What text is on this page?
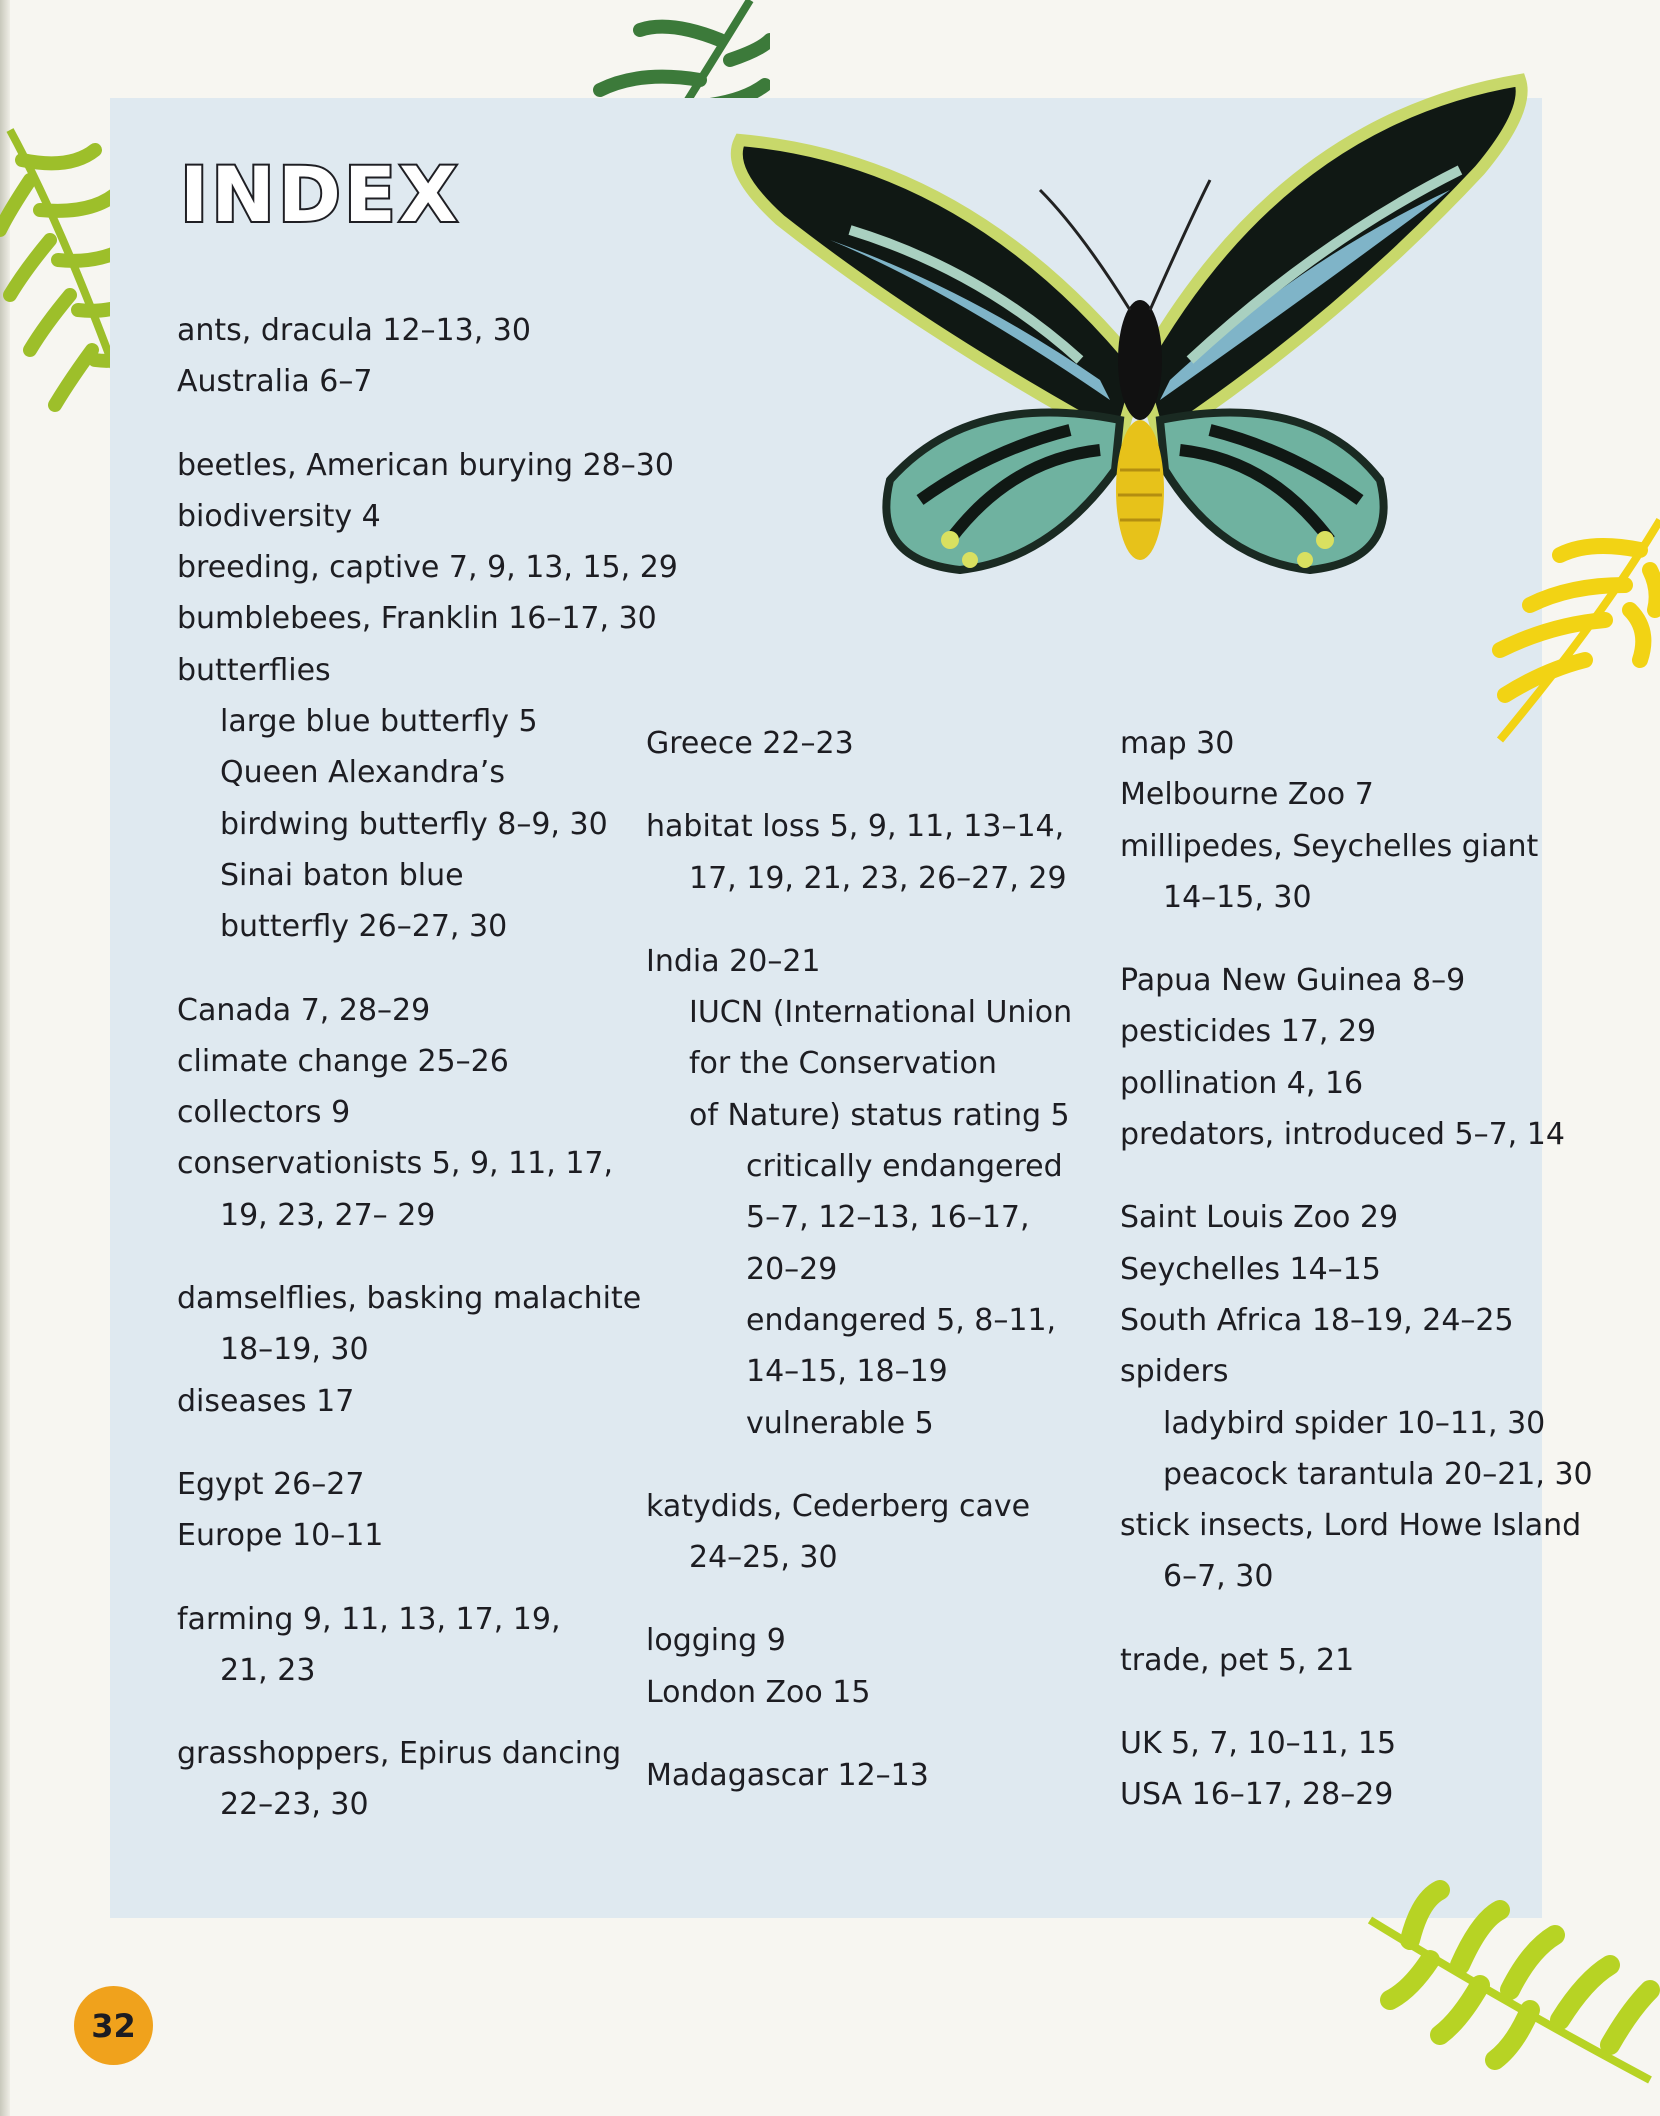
INDEX
ants, dracula 12–13, 30
Australia 6–7
beetles, American burying 28–30
biodiversity 4
breeding, captive 7, 9, 13, 15, 29
bumblebees, Franklin 16–17, 30
butterflies
large blue butterfly 5
Queen Alexandra’s
birdwing butterfly 8–9, 30
Sinai baton blue
butterfly 26–27, 30
Canada 7, 28–29
climate change 25–26
collectors 9
conservationists 5, 9, 11, 17,
19, 23, 27– 29
damselflies, basking malachite
18–19, 30
diseases 17
Egypt 26–27
Europe 10–11
farming 9, 11, 13, 17, 19,
21, 23
grasshoppers, Epirus dancing
22–23, 30
Greece 22–23
habitat loss 5, 9, 11, 13–14,
17, 19, 21, 23, 26–27, 29
India 20–21
IUCN (International Union
for the Conservation
of Nature) status rating 5
critically endangered
5–7, 12–13, 16–17,
20–29
endangered 5, 8–11,
14–15, 18–19
vulnerable 5
katydids, Cederberg cave
24–25, 30
logging 9
London Zoo 15
Madagascar 12–13
map 30
Melbourne Zoo 7
millipedes, Seychelles giant
14–15, 30
Papua New Guinea 8–9
pesticides 17, 29
pollination 4, 16
predators, introduced 5–7, 14
Saint Louis Zoo 29
Seychelles 14–15
South Africa 18–19, 24–25
spiders
ladybird spider 10–11, 30
peacock tarantula 20–21, 30
stick insects, Lord Howe Island
6–7, 30
trade, pet 5, 21
UK 5, 7, 10–11, 15
USA 16–17, 28–29
32
